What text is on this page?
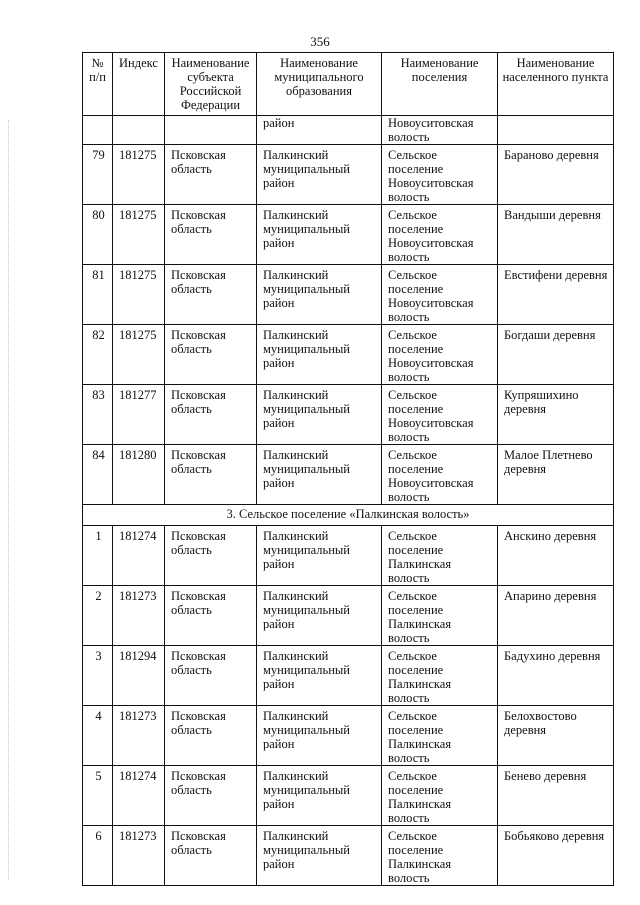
356
№ п/п	Индекс	Наименование субъекта Российской Федерации	Наименование муниципального образования	Наименование поселения	Наименование населенного пункта
			район	Новоуситовская волость	
79	181275	Псковская область	Палкинский муниципальный район	Сельское поселение Новоуситовская волость	Бараново деревня
80	181275	Псковская область	Палкинский муниципальный район	Сельское поселение Новоуситовская волость	Вандыши деревня
81	181275	Псковская область	Палкинский муниципальный район	Сельское поселение Новоуситовская волость	Евстифени деревня
82	181275	Псковская область	Палкинский муниципальный район	Сельское поселение Новоуситовская волость	Богдаши деревня
83	181277	Псковская область	Палкинский муниципальный район	Сельское поселение Новоуситовская волость	Купряшихино деревня
84	181280	Псковская область	Палкинский муниципальный район	Сельское поселение Новоуситовская волость	Малое Плетнево деревня
3. Сельское поселение «Палкинская волость»					
1	181274	Псковская область	Палкинский муниципальный район	Сельское поселение Палкинская волость	Анскино деревня
2	181273	Псковская область	Палкинский муниципальный район	Сельское поселение Палкинская волость	Апарино деревня
3	181294	Псковская область	Палкинский муниципальный район	Сельское поселение Палкинская волость	Бадухино деревня
4	181273	Псковская область	Палкинский муниципальный район	Сельское поселение Палкинская волость	Белохвостово деревня
5	181274	Псковская область	Палкинский муниципальный район	Сельское поселение Палкинская волость	Бенево деревня
6	181273	Псковская область	Палкинский муниципальный район	Сельское поселение Палкинская волость	Бобьяково деревня
